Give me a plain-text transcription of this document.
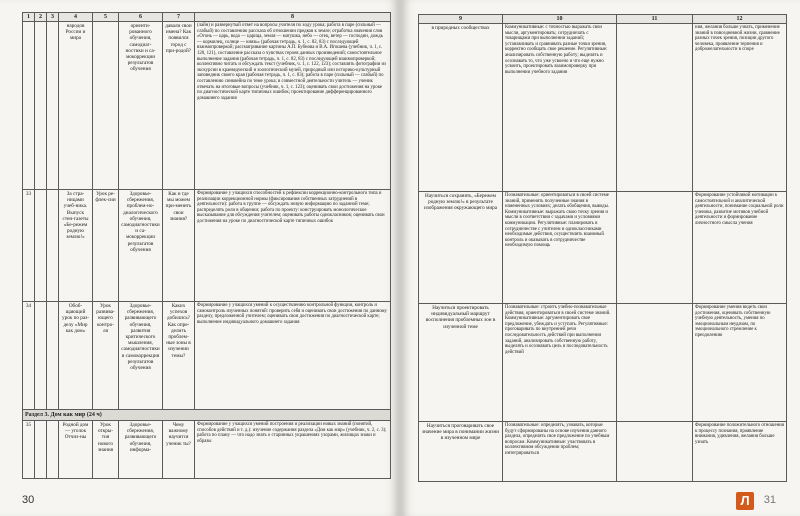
1	2	3	4	5	6	7	8
			народов России и мира		ориенти-рованного обучения, самодиаг-ностики и са-мокоррекции результатов обучения	давали свои имена? Как появился город с при-родой?	(лайн) и развернутый ответ на вопросы учителя по ходу урока; работа в паре (сильный — слабый) по составлению рассказа об отношении предков к земле; отработка значения слов «Огонь — царь, вода — царица, земля — матушка, небо — отец, ветер — господин, дождь — кормилец, солнце — князь» (рабочая тетрадь, ч. 1, с. 82, 83) с последующей взаимопроверкой; рассматривание картины А.П. Бубнова и В.А. Игошева (учебник, ч. 1, с. 120, 121), составление рассказа о чувствах героев данных произведений; самостоятельное выполнение задания (рабочая тетрадь, ч. 1, с. 82, 83) с последующей взаимопроверкой; коллективно читать и обсуждать текст (учебник, ч. 1, с. 122, 123); составлять фотографии из экскурсии в краеведческий и зоологический музей, природный или историко-культурный заповедник своего края (рабочая тетрадь, ч. 1, с. 83); работа в паре (сильный — слабый) по составлению синквейна по теме урока; в совместной деятельности учитель — ученик отвечать на итоговые вопросы (учебник, ч. 1, с. 123); оценивать свои достижения на уроке по диагностической карте типичных ошибок; проектирование дифференцированного домашнего задания
33			За стра-ницами учеб-ника. Выпуск стен-газеты «Бе-режем родную землю!»	Урок ре-флек-сии	Здоровье-сбережения, проблем-но-диалогического обучения, самодиагностики и са-мокоррекции результатов обучения	Как и где мы можем при-менить свои знания?	Формирование у учащихся способностей к рефлексии коррекционно-контрольного типа и реализации коррекционной нормы (фиксирования собственных затруднений в деятельности): работа в группе — обсуждать новую информацию по заданной теме; распределять роли в общении; работа по проекту: конструировать монологическое высказывание для обсуждения учителем; оценивать работы однокласников; оценивать свои достижения на уроке по диагностической карте типичных ошибок
34			Обоб-щающий урок по раз-делу «Мир как дом»	Урок развива-ющего контро-ля	Здоровье-сбережения, развивающего обучения, развития критического мышления, самодиагностики и самокоррекции результатов обучения	Каких успехов добились? Как опре-делить проблем-ные зоны в изучении темы?	Формирование у учащихся умений к осуществлению контрольной функции, контроль и самоконтроль изученных понятий: проверить себя и оценивать свои достижения по данному разделу, предложенной учителем; оценивать свои достижения по диагностической карте; выполнение индивидуального домашнего задания
Раздел 3. Дом как мир (24 ч)							
35			Родной дом — уголок Отчиз-ны	Урок откры-тия нового знания	Здоровье-сбережения, развивающего обучения, информа-	Чему важному научится ученик ты?	Формирование у учащихся умений построения и реализации новых знаний (понятий, способов действий и т. д.): изучение содержания раздела «Дом как мир» (учебник, ч. 2, с. 3); работа по плану — что надо знать о старинных украшениях узорами, жилищах знаки и образы
30
9	10	11	12
в природных сообществах	Коммуникативные: с точностью выражать свои мысли, аргументировать; сотрудничать с товарищами при выполнении заданий; устанавливать и сравнивать разные точки зрения, корректно сообщать свое решение. Регулятивные: анализировать собственную работу; выделять и осознавать то, что уже усвоено и что еще нужно усвоить, проектировать взаимопроверку при выполнении учебного задания		ния, желания больше узнать, применение знаний в повседневной жизни, сравнение разных точек зрения, позиции другого человека, проявление терпения и доброжелательности в споре
Научиться сохранять, «Бережем родную землю!» в результате изображения окружающего мира	Познавательные: ориентироваться в своей системе знаний, применять полученные знания в измененных условиях; делать обобщения, выводы. Коммуникативные: выражать свою точку зрения и мысли в соответствии с задачами и условиями коммуникации. Регулятивные: планировать в сотрудничестве с учителем и одноклассниками необходимые действия, осуществлять взаимный контроль и оказывать в сотрудничестве необходимую помощь		Формирование устойчивой мотивации к самостоятельной и аналитической деятельности, понимание социальной роли ученика, развитие мотивов учебной деятельности и формирование личностного смысла учения
Научиться проектировать индивидуальный маршрут восполнения проблемных зон в изученной теме	Познавательные: строить учебно-познавательные действия, ориентироваться в своей системе знаний. Коммуникативные: аргументировать свое предложение, убеждать и уступать. Регулятивные: проговаривать по внутренней речи последовательность действий при выполнении заданий, анализировать собственную работу, выделять и осознавать цель и последовательность действий		Формирование умения видеть свои достижения, оценивать собственную учебную деятельность, умения по эмоциональным неудачам, по эмоционального стремление к преодолению
Научиться проговаривать свое значение мира в понимании жизни в изученном мире	Познавательные: определять, узнавать, которые будут сформированы на основе изучения данного раздела, определять свое предложение по учебным вопросам. Коммуникативные: участвовать в коллективном обсуждении проблем; интегрироваться		Формирование положительного отношения к процессу познания, проявление внимания, удивления, желания больше узнать
Л	31
